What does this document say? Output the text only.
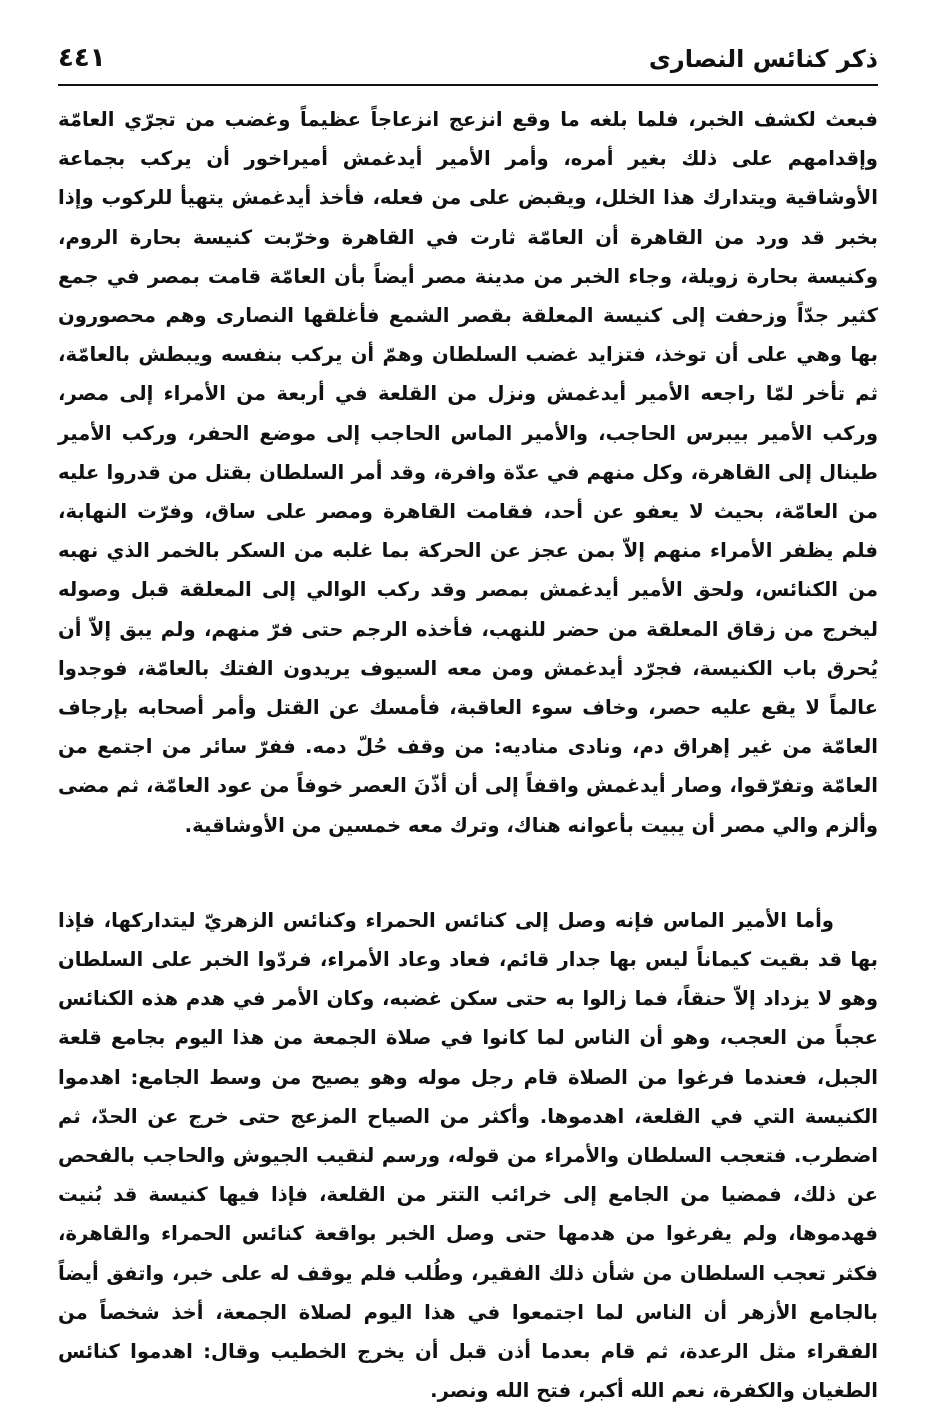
ذكر كنائس النصارى
٤٤١

فبعث لكشف الخبر، فلما بلغه ما وقع انزعج انزعاجاً عظيماً وغضب من تجرّي العامّة وإقدامهم على ذلك بغير أمره، وأمر الأمير أيدغمش أميراخور أن يركب بجماعة الأوشاقية ويتدارك هذا الخلل، ويقبض على من فعله، فأخذ أيدغمش يتهيأ للركوب وإذا بخبر قد ورد من القاهرة أن العامّة ثارت في القاهرة وخرّبت كنيسة بحارة الروم، وكنيسة بحارة زويلة، وجاء الخبر من مدينة مصر أيضاً بأن العامّة قامت بمصر في جمع كثير جدّاً وزحفت إلى كنيسة المعلقة بقصر الشمع فأغلقها النصارى وهم محصورون بها وهي على أن توخذ، فتزايد غضب السلطان وهمّ أن يركب بنفسه ويبطش بالعامّة، ثم تأخر لمّا راجعه الأمير أيدغمش ونزل من القلعة في أربعة من الأمراء إلى مصر، وركب الأمير بيبرس الحاجب، والأمير الماس الحاجب إلى موضع الحفر، وركب الأمير طينال إلى القاهرة، وكل منهم في عدّة وافرة، وقد أمر السلطان بقتل من قدروا عليه من العامّة، بحيث لا يعفو عن أحد، فقامت القاهرة ومصر على ساق، وفرّت النهابة، فلم يظفر الأمراء منهم إلاّ بمن عجز عن الحركة بما غلبه من السكر بالخمر الذي نهبه من الكنائس، ولحق الأمير أيدغمش بمصر وقد ركب الوالي إلى المعلقة قبل وصوله ليخرج من زقاق المعلقة من حضر للنهب، فأخذه الرجم حتى فرّ منهم، ولم يبق إلاّ أن يُحرق باب الكنيسة، فجرّد أيدغمش ومن معه السيوف يريدون الفتك بالعامّة، فوجدوا عالماً لا يقع عليه حصر، وخاف سوء العاقبة، فأمسك عن القتل وأمر أصحابه بإرجاف العامّة من غير إهراق دم، ونادى مناديه: من وقف حُلّ دمه. ففرّ سائر من اجتمع من العامّة وتفرّقوا، وصار أيدغمش واقفاً إلى أن أذّنَ العصر خوفاً من عود العامّة، ثم مضى وألزم والي مصر أن يبيت بأعوانه هناك، وترك معه خمسين من الأوشاقية.

وأما الأمير الماس فإنه وصل إلى كنائس الحمراء وكنائس الزهريّ ليتداركها، فإذا بها قد بقيت كيماناً ليس بها جدار قائم، فعاد وعاد الأمراء، فردّوا الخبر على السلطان وهو لا يزداد إلاّ حنقاً، فما زالوا به حتى سكن غضبه، وكان الأمر في هدم هذه الكنائس عجباً من العجب، وهو أن الناس لما كانوا في صلاة الجمعة من هذا اليوم بجامع قلعة الجبل، فعندما فرغوا من الصلاة قام رجل موله وهو يصيح من وسط الجامع: اهدموا الكنيسة التي في القلعة، اهدموها. وأكثر من الصياح المزعج حتى خرج عن الحدّ، ثم اضطرب. فتعجب السلطان والأمراء من قوله، ورسم لنقيب الجيوش والحاجب بالفحص عن ذلك، فمضيا من الجامع إلى خرائب التتر من القلعة، فإذا فيها كنيسة قد بُنيت فهدموها، ولم يفرغوا من هدمها حتى وصل الخبر بواقعة كنائس الحمراء والقاهرة، فكثر تعجب السلطان من شأن ذلك الفقير، وطُلب فلم يوقف له على خبر، واتفق أيضاً بالجامع الأزهر أن الناس لما اجتمعوا في هذا اليوم لصلاة الجمعة، أخذ شخصاً من الفقراء مثل الرعدة، ثم قام بعدما أذن قبل أن يخرج الخطيب وقال: اهدموا كنائس الطغيان والكفرة، نعم الله أكبر، فتح الله ونصر.
